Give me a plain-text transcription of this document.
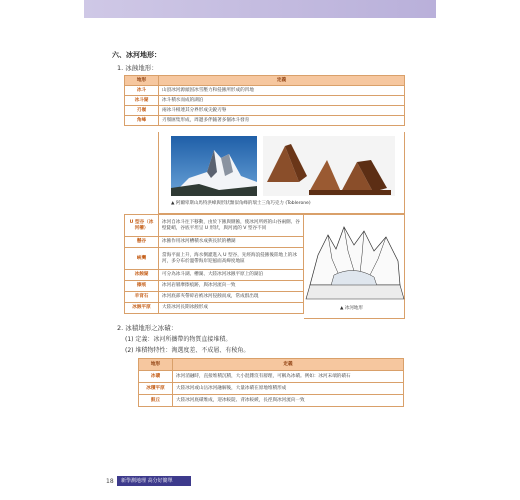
六、冰河地形：
1. 冰蝕地形：
地形	定義
冰斗	山頂冰河源頭因冰雪壓力和侵蝕所形成的凹地
冰斗湖	冰斗積水而成的湖泊
刃嶺	兩冰斗相連其分界形成尖銳刃脊
角峰	刃嶺匯集形成，周邊多伴隨著多個冰斗發育
▲ 阿爾卑斯山馬特洪峰與形狀類似角峰的瑞士三角巧克力 (Toblerone)
U 型谷（冰河槽）	冰河自冰斗往下移動，由於下蝕與側蝕，使冰河所經的山谷兩側、谷壁陡峭，谷底平坦呈 U 形狀，與河流的 V 型谷不同
懸谷	冰蝕作用冰河槽積水成狹長狀的槽湖
峽灣	當海平面上升，海水倒灌進入 U 型谷，先經海浪侵蝕後陸地上的冰河，多分布於溫帶海岸迎風面高緯度地區
冰蝕湖	可分為冰斗湖、槽湖、大陸冰河冰蝕平原上的湖泊
擦痕	冰河岩層摩擦痕跡，與冰河流向一致
羊背石	冰河底部夾帶碎岩被冰河侵蝕而成，常成群出現
冰蝕平原	大陸冰河長期冰蝕形成	▲ 冰河地形
2. 冰積地形之冰磧：
(1) 定義：冰河所攜帶的物質直接堆積。
(2) 堆積物特性：淘選度差、不成層、有稜角。
地形	定義
冰磧	冰河消融時，直接堆積沉積，大小混雜沒有層理，可稱為冰磧。例如：冰河末端的磧石
冰積平原	大陸冰河或山岳冰河融解後，大量冰磧在原地堆積形成
鼓丘	大陸冰河底磧堆成，迎冰較陡、背冰較緩，長徑與冰河流向一致
18	新學測地理 高分好簡單
